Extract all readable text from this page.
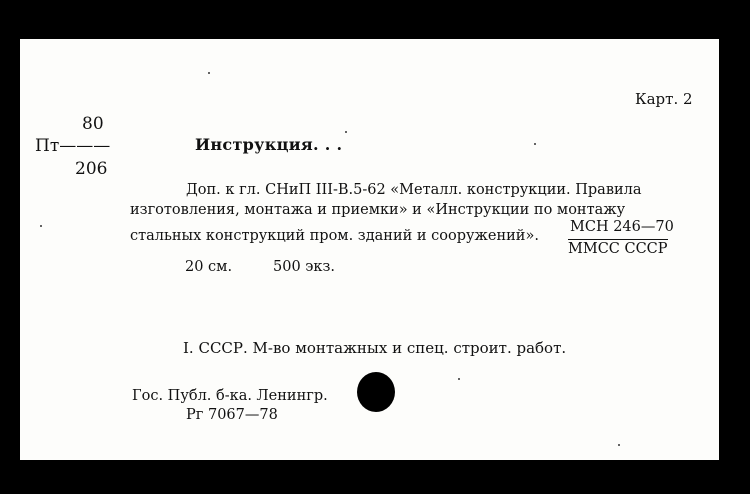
Карт. 2
80
Пт———
206
Инструкция. . .
Доп. к гл. СНиП III-В.5-62 «Металл. конструкции. Правила
изготовления, монтажа и приемки» и «Инструкции по монтажу
стальных конструкций пром. зданий и сооружений».
МСН 246—70
ММСС СССР
20 см.	500 экз.
I. СССР. М-во монтажных и спец. строит. работ.
Гос. Публ. б-ка. Ленингр.
Рг 7067—78
